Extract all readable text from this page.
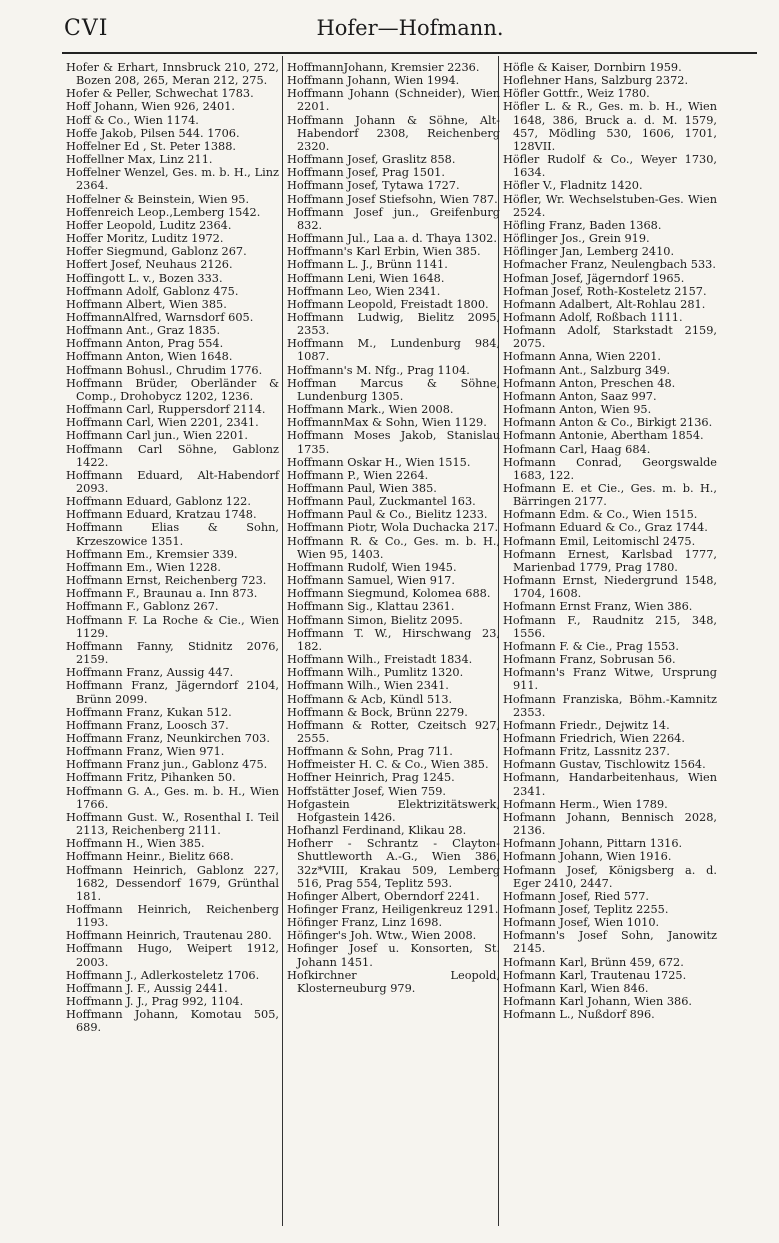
CVI	Hofer—Hofmann.

Hofer & Erhart, Innsbruck 210, 272, Bozen 208, 265, Meran 212, 275.

Hofer & Peller, Schwechat 1783.

Hoff Johann, Wien 926, 2401.

Hoff & Co., Wien 1174.

Hoffe Jakob, Pilsen 544. 1706.

Hoffelner Ed , St. Peter 1388.

Hoffellner Max, Linz 211.

Hoffelner Wenzel, Ges. m. b. H., Linz 2364.

Hoffelner & Beinstein, Wien 95.

Hoffenreich Leop.,Lemberg 1542.

Hoffer Leopold, Luditz 2364.

Hoffer Moritz, Luditz 1972.

Hoffer Siegmund, Gablonz 267.

Hoffert Josef, Neuhaus 2126.

Hoffingott L. v., Bozen 333.

Hoffmann Adolf, Gablonz 475.

Hoffmann Albert, Wien 385.

HoffmannAlfred, Warnsdorf 605.

Hoffmann Ant., Graz 1835.

Hoffmann Anton, Prag 554.

Hoffmann Anton, Wien 1648.

Hoffmann Bohusl., Chrudim 1776.

Hoffmann Brüder, Oberländer & Comp., Drohobycz 1202, 1236.

Hoffmann Carl, Ruppersdorf 2114.

Hoffmann Carl, Wien 2201, 2341.

Hoffmann Carl jun., Wien 2201.

Hoffmann Carl Söhne, Gablonz 1422.

Hoffmann Eduard, Alt-Habendorf 2093.

Hoffmann Eduard, Gablonz 122.

Hoffmann Eduard, Kratzau 1748.

Hoffmann Elias & Sohn, Krzeszowice 1351.

Hoffmann Em., Kremsier 339.

Hoffmann Em., Wien 1228.

Hoffmann Ernst, Reichenberg 723.

Hoffmann F., Braunau a. Inn 873.

Hoffmann F., Gablonz 267.

Hoffmann F. La Roche & Cie., Wien 1129.

Hoffmann Fanny, Stidnitz 2076, 2159.

Hoffmann Franz, Aussig 447.

Hoffmann Franz, Jägerndorf 2104, Brünn 2099.

Hoffmann Franz, Kukan 512.

Hoffmann Franz, Loosch 37.

Hoffmann Franz, Neunkirchen 703.

Hoffmann Franz, Wien 971.

Hoffmann Franz jun., Gablonz 475.

Hoffmann Fritz, Pihanken 50.

Hoffmann G. A., Ges. m. b. H., Wien 1766.

Hoffmann Gust. W., Rosenthal I. Teil 2113, Reichenberg 2111.

Hoffmann H., Wien 385.

Hoffmann Heinr., Bielitz 668.

Hoffmann Heinrich, Gablonz 227, 1682, Dessendorf 1679, Grünthal 181.

Hoffmann Heinrich, Reichenberg 1193.

Hoffmann Heinrich, Trautenau 280.

Hoffmann Hugo, Weipert 1912, 2003.

Hoffmann J., Adlerkosteletz 1706.

Hoffmann J. F., Aussig 2441.

Hoffmann J. J., Prag 992, 1104.

Hoffmann Johann, Komotau 505, 689.

HoffmannJohann, Kremsier 2236.

Hoffmann Johann, Wien 1994.

Hoffmann Johann (Schneider), Wien 2201.

Hoffmann Johann & Söhne, Alt-Habendorf 2308, Reichenberg 2320.

Hoffmann Josef, Graslitz 858.

Hoffmann Josef, Prag 1501.

Hoffmann Josef, Tytawa 1727.

Hoffmann Josef Stiefsohn, Wien 787.

Hoffmann Josef jun., Greifenburg 832.

Hoffmann Jul., Laa a. d. Thaya 1302.

Hoffmann's Karl Erbin, Wien 385.

Hoffmann L. J., Brünn 1141.

Hoffmann Leni, Wien 1648.

Hoffmann Leo, Wien 2341.

Hoffmann Leopold, Freistadt 1800.

Hoffmann Ludwig, Bielitz 2095, 2353.

Hoffmann M., Lundenburg 984, 1087.

Hoffmann's M. Nfg., Prag 1104.

Hoffman Marcus & Söhne, Lundenburg 1305.

Hoffmann Mark., Wien 2008.

HoffmannMax & Sohn, Wien 1129.

Hoffmann Moses Jakob, Stanislau 1735.

Hoffmann Oskar H., Wien 1515.

Hoffmann P., Wien 2264.

Hoffmann Paul, Wien 385.

Hoffmann Paul, Zuckmantel 163.

Hoffmann Paul & Co., Bielitz 1233.

Hoffmann Piotr, Wola Duchacka 217.

Hoffmann R. & Co., Ges. m. b. H., Wien 95, 1403.

Hoffmann Rudolf, Wien 1945.

Hoffmann Samuel, Wien 917.

Hoffmann Siegmund, Kolomea 688.

Hoffmann Sig., Klattau 2361.

Hoffmann Simon, Bielitz 2095.

Hoffmann T. W., Hirschwang 23, 182.

Hoffmann Wilh., Freistadt 1834.

Hoffmann Wilh., Pumlitz 1320.

Hoffmann Wilh., Wien 2341.

Hoffmann & Acb, Kündl 513.

Hoffmann & Bock, Brünn 2279.

Hoffmann & Rotter, Czeitsch 927, 2555.

Hoffmann & Sohn, Prag 711.

Hoffmeister H. C. & Co., Wien 385.

Hoffner Heinrich, Prag 1245.

Hoffstätter Josef, Wien 759.

Hofgastein Elektrizitätswerk, Hofgastein 1426.

Hofhanzl Ferdinand, Klikau 28.

Hofherr - Schrantz - Clayton-Shuttleworth A.-G., Wien 386, 32z*VIII, Krakau 509, Lemberg 516, Prag 554, Teplitz 593.

Hofinger Albert, Oberndorf 2241.

Hofinger Franz, Heiligenkreuz 1291.

Höfinger Franz, Linz 1698.

Höfinger's Joh. Wtw., Wien 2008.

Hofinger Josef u. Konsorten, St. Johann 1451.

Hofkirchner Leopold, Klosterneuburg 979.

Höfle & Kaiser, Dornbirn 1959.

Hoflehner Hans, Salzburg 2372.

Höfler Gottfr., Weiz 1780.

Höfler L. & R., Ges. m. b. H., Wien 1648, 386, Bruck a. d. M. 1579, 457, Mödling 530, 1606, 1701, 128VII.

Höfler Rudolf & Co., Weyer 1730, 1634.

Höfler V., Fladnitz 1420.

Höfler, Wr. Wechselstuben-Ges. Wien 2524.

Höfling Franz, Baden 1368.

Höflinger Jos., Grein 919.

Höflinger Jan, Lemberg 2410.

Hofmacher Franz, Neulengbach 533.

Hofman Josef, Jägerndorf 1965.

Hofman Josef, Roth-Kosteletz 2157.

Hofmann Adalbert, Alt-Rohlau 281.

Hofmann Adolf, Roßbach 1111.

Hofmann Adolf, Starkstadt 2159, 2075.

Hofmann Anna, Wien 2201.

Hofmann Ant., Salzburg 349.

Hofmann Anton, Preschen 48.

Hofmann Anton, Saaz 997.

Hofmann Anton, Wien 95.

Hofmann Anton & Co., Birkigt 2136.

Hofmann Antonie, Abertham 1854.

Hofmann Carl, Haag 684.

Hofmann Conrad, Georgswalde 1683, 122.

Hofmann E. et Cie., Ges. m. b. H., Bärringen 2177.

Hofmann Edm. & Co., Wien 1515.

Hofmann Eduard & Co., Graz 1744.

Hofmann Emil, Leitomischl 2475.

Hofmann Ernest, Karlsbad 1777, Marienbad 1779, Prag 1780.

Hofmann Ernst, Niedergrund 1548, 1704, 1608.

Hofmann Ernst Franz, Wien 386.

Hofmann F., Raudnitz 215, 348, 1556.

Hofmann F. & Cie., Prag 1553.

Hofmann Franz, Sobrusan 56.

Hofmann's Franz Witwe, Ursprung 911.

Hofmann Franziska, Böhm.-Kamnitz 2353.

Hofmann Friedr., Dejwitz 14.

Hofmann Friedrich, Wien 2264.

Hofmann Fritz, Lassnitz 237.

Hofmann Gustav, Tischlowitz 1564.

Hofmann, Handarbeitenhaus, Wien 2341.

Hofmann Herm., Wien 1789.

Hofmann Johann, Bennisch 2028, 2136.

Hofmann Johann, Pittarn 1316.

Hofmann Johann, Wien 1916.

Hofmann Josef, Königsberg a. d. Eger 2410, 2447.

Hofmann Josef, Ried 577.

Hofmann Josef, Teplitz 2255.

Hofmann Josef, Wien 1010.

Hofmann's Josef Sohn, Janowitz 2145.

Hofmann Karl, Brünn 459, 672.

Hofmann Karl, Trautenau 1725.

Hofmann Karl, Wien 846.

Hofmann Karl Johann, Wien 386.

Hofmann L., Nußdorf 896.
